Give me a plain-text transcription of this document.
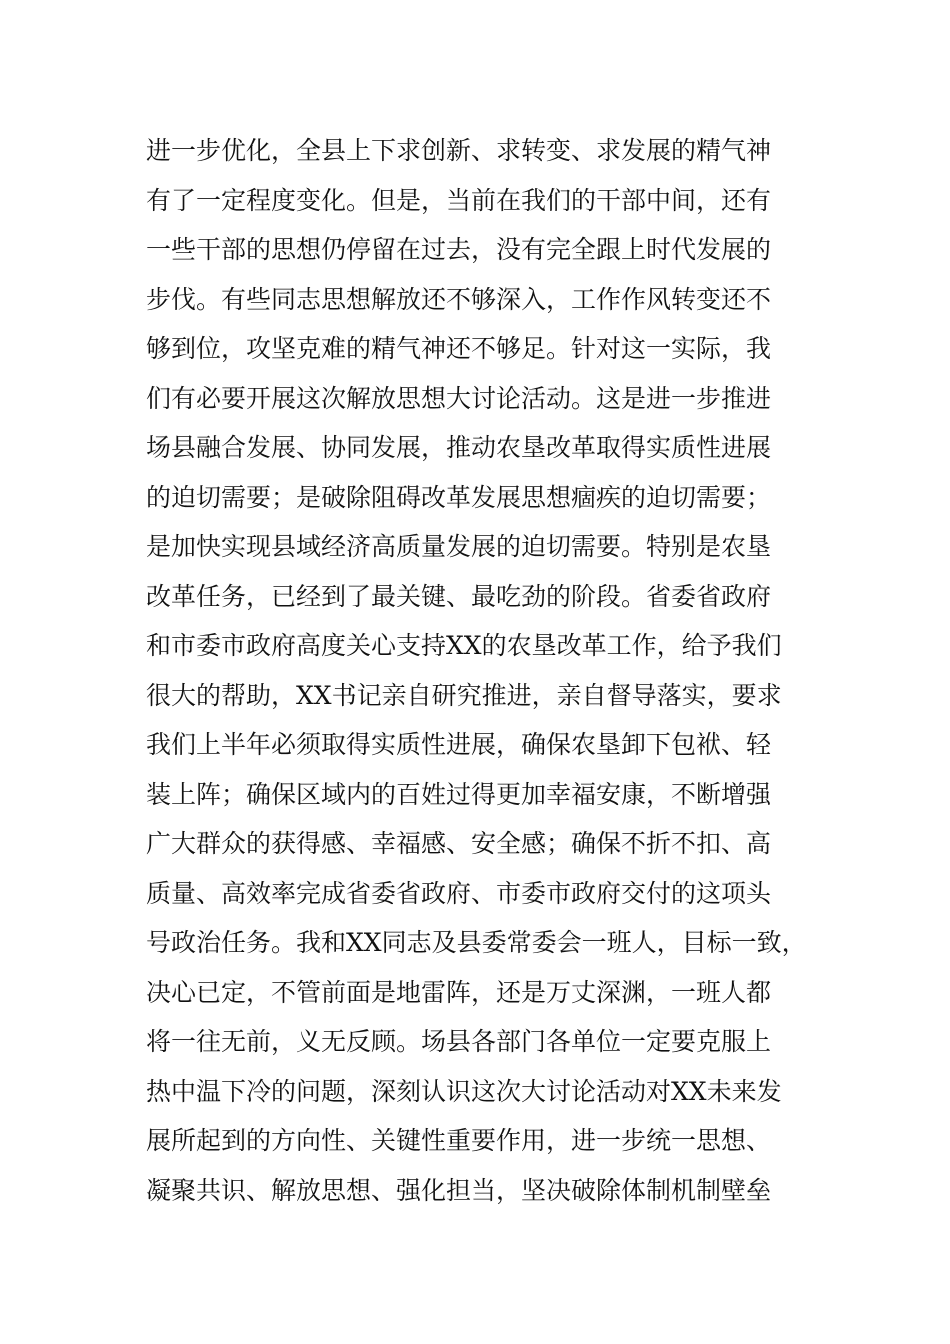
进一步优化，全县上下求创新、求转变、求发展的精气神
有了一定程度变化。但是，当前在我们的干部中间，还有
一些干部的思想仍停留在过去，没有完全跟上时代发展的
步伐。有些同志思想解放还不够深入，工作作风转变还不
够到位，攻坚克难的精气神还不够足。针对这一实际，我
们有必要开展这次解放思想大讨论活动。这是进一步推进
场县融合发展、协同发展，推动农垦改革取得实质性进展
的迫切需要；是破除阻碍改革发展思想痼疾的迫切需要；
是加快实现县域经济高质量发展的迫切需要。特别是农垦
改革任务，已经到了最关键、最吃劲的阶段。省委省政府
和市委市政府高度关心支持XX的农垦改革工作，给予我们
很大的帮助，XX书记亲自研究推进，亲自督导落实，要求
我们上半年必须取得实质性进展，确保农垦卸下包袱、轻
装上阵；确保区域内的百姓过得更加幸福安康，不断增强
广大群众的获得感、幸福感、安全感；确保不折不扣、高
质量、高效率完成省委省政府、市委市政府交付的这项头
号政治任务。我和XX同志及县委常委会一班人，目标一致，
决心已定，不管前面是地雷阵，还是万丈深渊，一班人都
将一往无前，义无反顾。场县各部门各单位一定要克服上
热中温下冷的问题，深刻认识这次大讨论活动对XX未来发
展所起到的方向性、关键性重要作用，进一步统一思想、
凝聚共识、解放思想、强化担当，坚决破除体制机制壁垒
